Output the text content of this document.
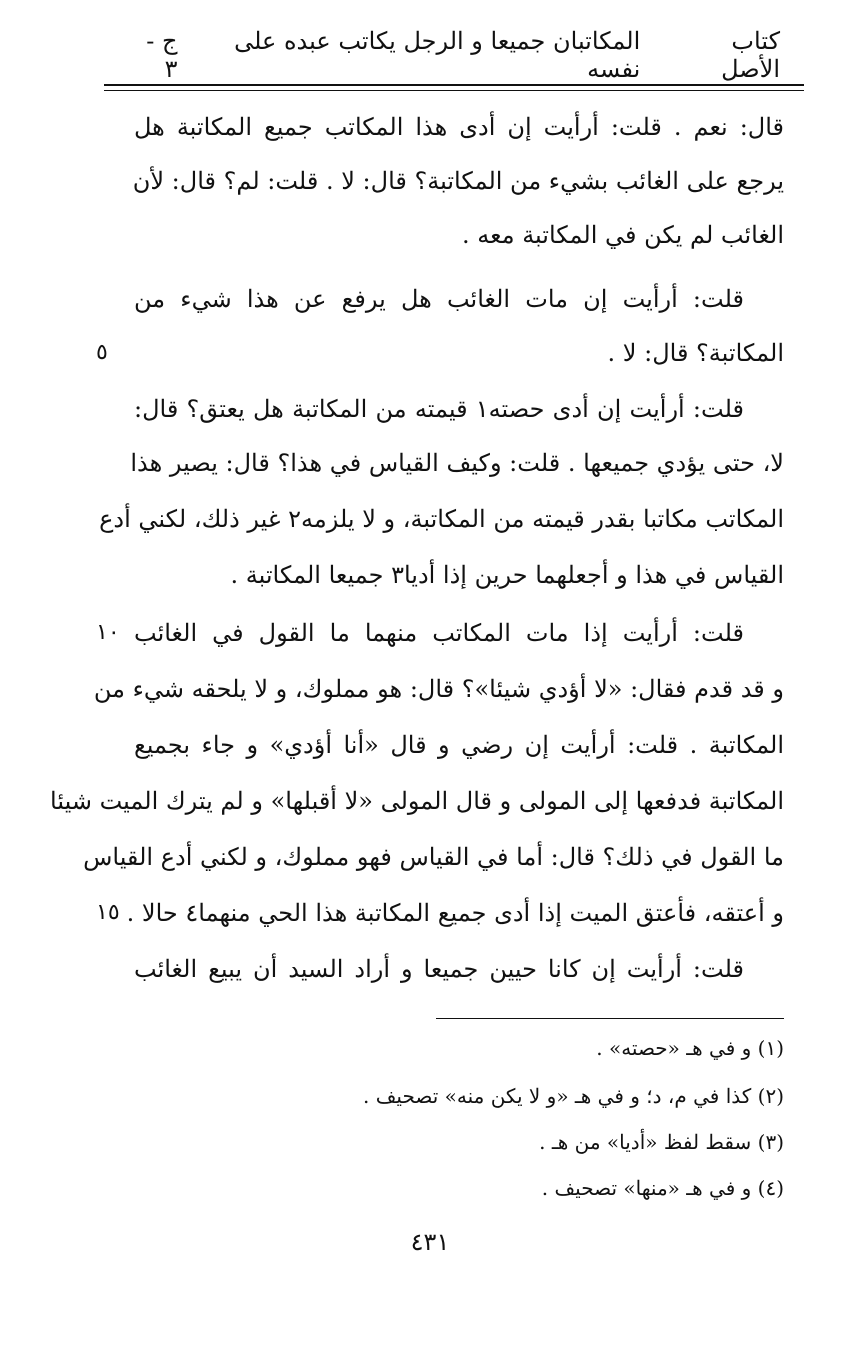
كتاب الأصل
المكاتبان جميعا و الرجل يكاتب عبده على نفسه
ج - ٣
قال: نعم . قلت: أرأيت إن أدى هذا المكاتب جميع المكاتبة هل
يرجع على الغائب بشيء من المكاتبة؟ قال: لا . قلت: لم؟ قال: لأن
الغائب لم يكن في المكاتبة معه .
قلت: أرأيت إن مات الغائب هل يرفع عن هذا شيء من
المكاتبة؟ قال: لا .
قلت: أرأيت إن أدى حصته١ قيمته من المكاتبة هل يعتق؟ قال:
لا، حتى يؤدي جميعها . قلت: وكيف القياس في هذا؟ قال: يصير هذا
المكاتب مكاتبا بقدر قيمته من المكاتبة، و لا يلزمه٢ غير ذلك، لكني أدع
القياس في هذا و أجعلهما حرين إذا أديا٣ جميعا المكاتبة .
قلت: أرأيت إذا مات المكاتب منهما ما القول في الغائب
و قد قدم فقال: «لا أؤدي شيئا»؟ قال: هو مملوك، و لا يلحقه شيء من
المكاتبة . قلت: أرأيت إن رضي و قال «أنا أؤدي» و جاء بجميع
المكاتبة فدفعها إلى المولى و قال المولى «لا أقبلها» و لم يترك الميت شيئا
ما القول في ذلك؟ قال: أما في القياس فهو مملوك، و لكني أدع القياس
و أعتقه، فأعتق الميت إذا أدى جميع المكاتبة هذا الحي منهما٤ حالا .
قلت: أرأيت إن كانا حيين جميعا و أراد السيد أن يبيع الغائب
٥
١٠
١٥
(١) و في هـ «حصته» .
(٢) كذا في م، د؛ و في هـ «و لا يكن منه» تصحيف .
(٣) سقط لفظ «أديا» من هـ .
(٤) و في هـ «منها» تصحيف .
٤٣١
